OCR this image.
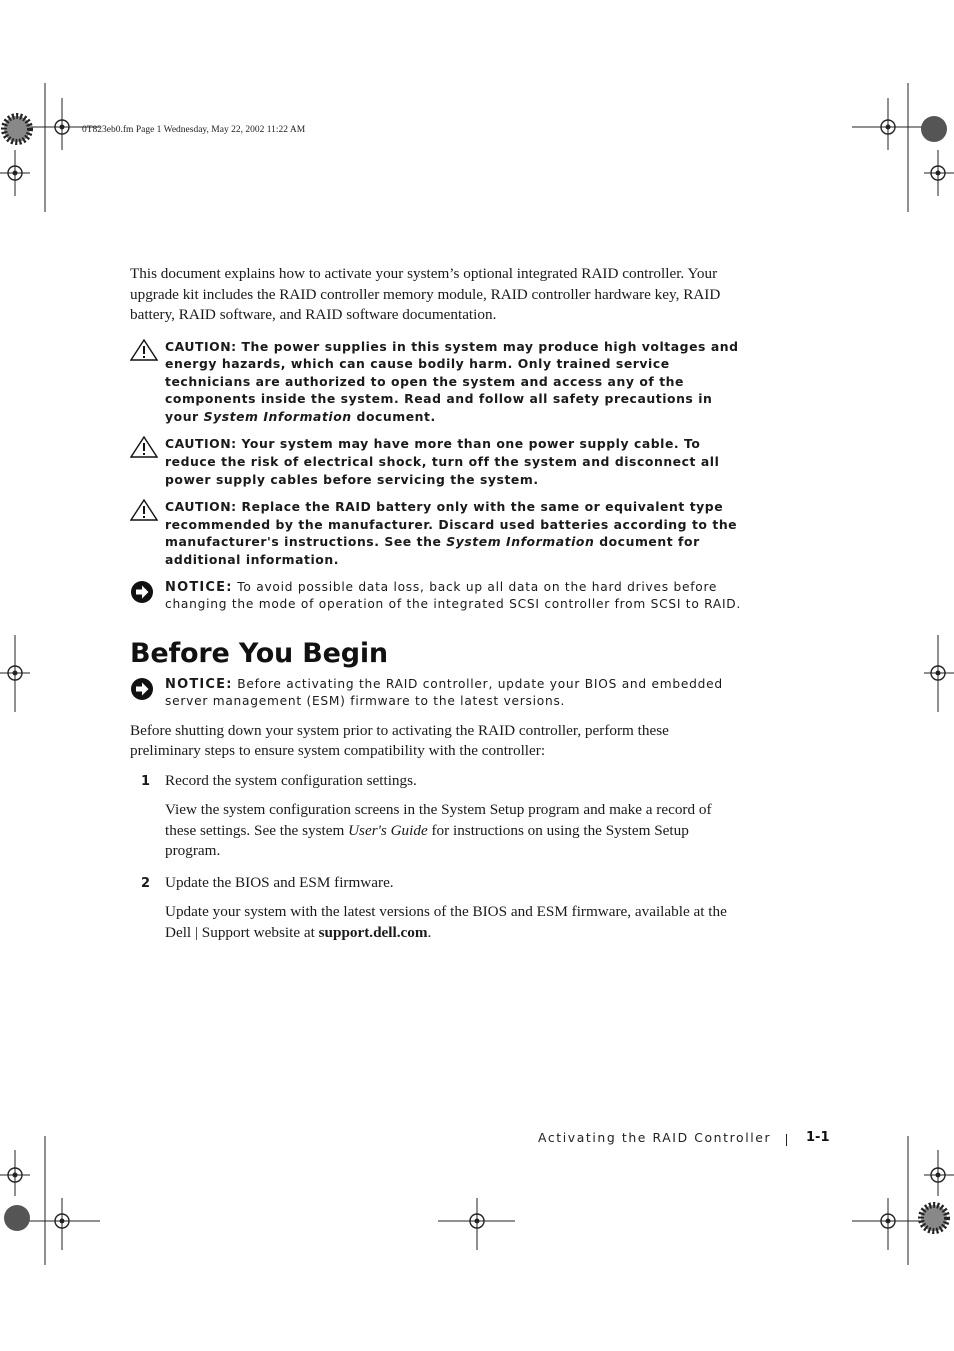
0T823eb0.fm Page 1 Wednesday, May 22, 2002 11:22 AM

This document explains how to activate your system’s optional integrated RAID controller. Your upgrade kit includes the RAID controller memory module, RAID controller hardware key, RAID battery, RAID software, and RAID software documentation.

CAUTION: The power supplies in this system may produce high voltages and energy hazards, which can cause bodily harm. Only trained service technicians are authorized to open the system and access any of the components inside the system. Read and follow all safety precautions in your System Information document.
CAUTION: Your system may have more than one power supply cable. To reduce the risk of electrical shock, turn off the system and disconnect all power supply cables before servicing the system.
CAUTION: Replace the RAID battery only with the same or equivalent type recommended by the manufacturer. Discard used batteries according to the manufacturer's instructions. See the System Information document for additional information.
NOTICE: To avoid possible data loss, back up all data on the hard drives before changing the mode of operation of the integrated SCSI controller from SCSI to RAID.
Before You Begin
NOTICE: Before activating the RAID controller, update your BIOS and embedded server management (ESM) firmware to the latest versions.

Before shutting down your system prior to activating the RAID controller, perform these preliminary steps to ensure system compatibility with the controller:

1 Record the system configuration settings.
View the system configuration screens in the System Setup program and make a record of these settings. See the system User's Guide for instructions on using the System Setup program.
2 Update the BIOS and ESM firmware.
Update your system with the latest versions of the BIOS and ESM firmware, available at the Dell | Support website at support.dell.com.
Activating the RAID Controller	1-1
